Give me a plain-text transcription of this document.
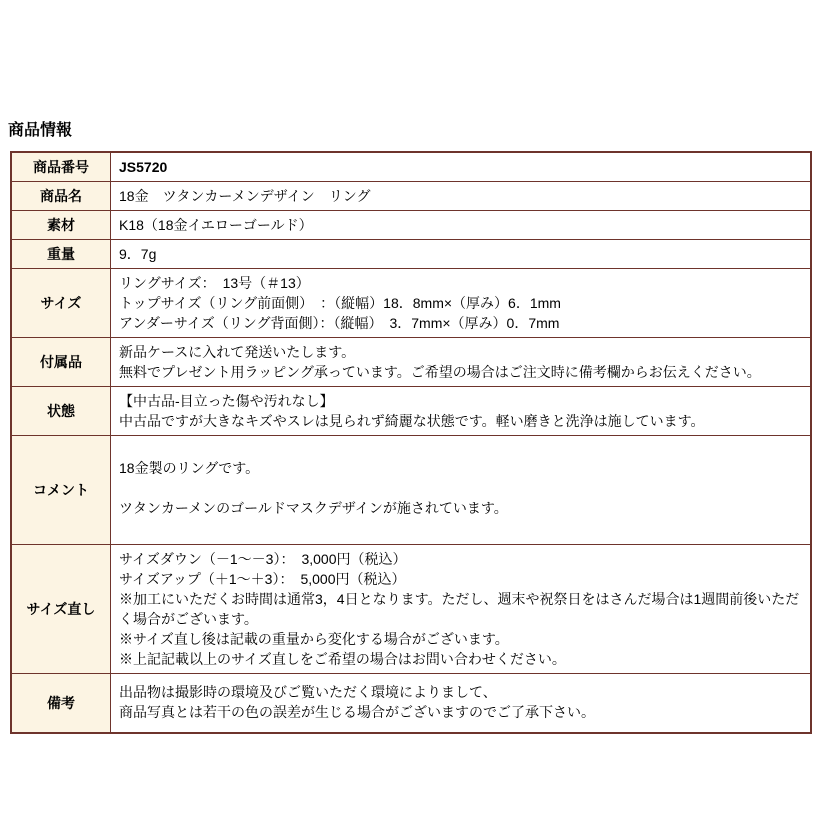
商品情報
商品番号	JS5720

商品名	18金　ツタンカーメンデザイン　リング

素材	K18（18金イエローゴールド）

重量	9．7g

サイズ	リングサイズ：　13号（＃13）
トップサイズ（リング前面側）　：（縦幅）18．8mm×（厚み）6．1mm
アンダーサイズ（リング背面側）：（縦幅）　3．7mm×（厚み）0．7mm

付属品	新品ケースに入れて発送いたします。
無料でプレゼント用ラッピング承っています。ご希望の場合はご注文時に備考欄からお伝えください。

状態	【中古品-目立った傷や汚れなし】
中古品ですが大きなキズやスレは見られず綺麗な状態です。軽い磨きと洗浄は施しています。

コメント	18金製のリングです。

ツタンカーメンのゴールドマスクデザインが施されています。

サイズ直し	サイズダウン（－1～－3）：　3,000円（税込）
サイズアップ（＋1～＋3）：　5,000円（税込）
※加工にいただくお時間は通常3，4日となります。ただし、週末や祝祭日をはさんだ場合は1週間前後いただく場合がございます。
※サイズ直し後は記載の重量から変化する場合がございます。
※上記記載以上のサイズ直しをご希望の場合はお問い合わせください。

備考	出品物は撮影時の環境及びご覧いただく環境によりまして、
商品写真とは若干の色の誤差が生じる場合がございますのでご了承下さい。
